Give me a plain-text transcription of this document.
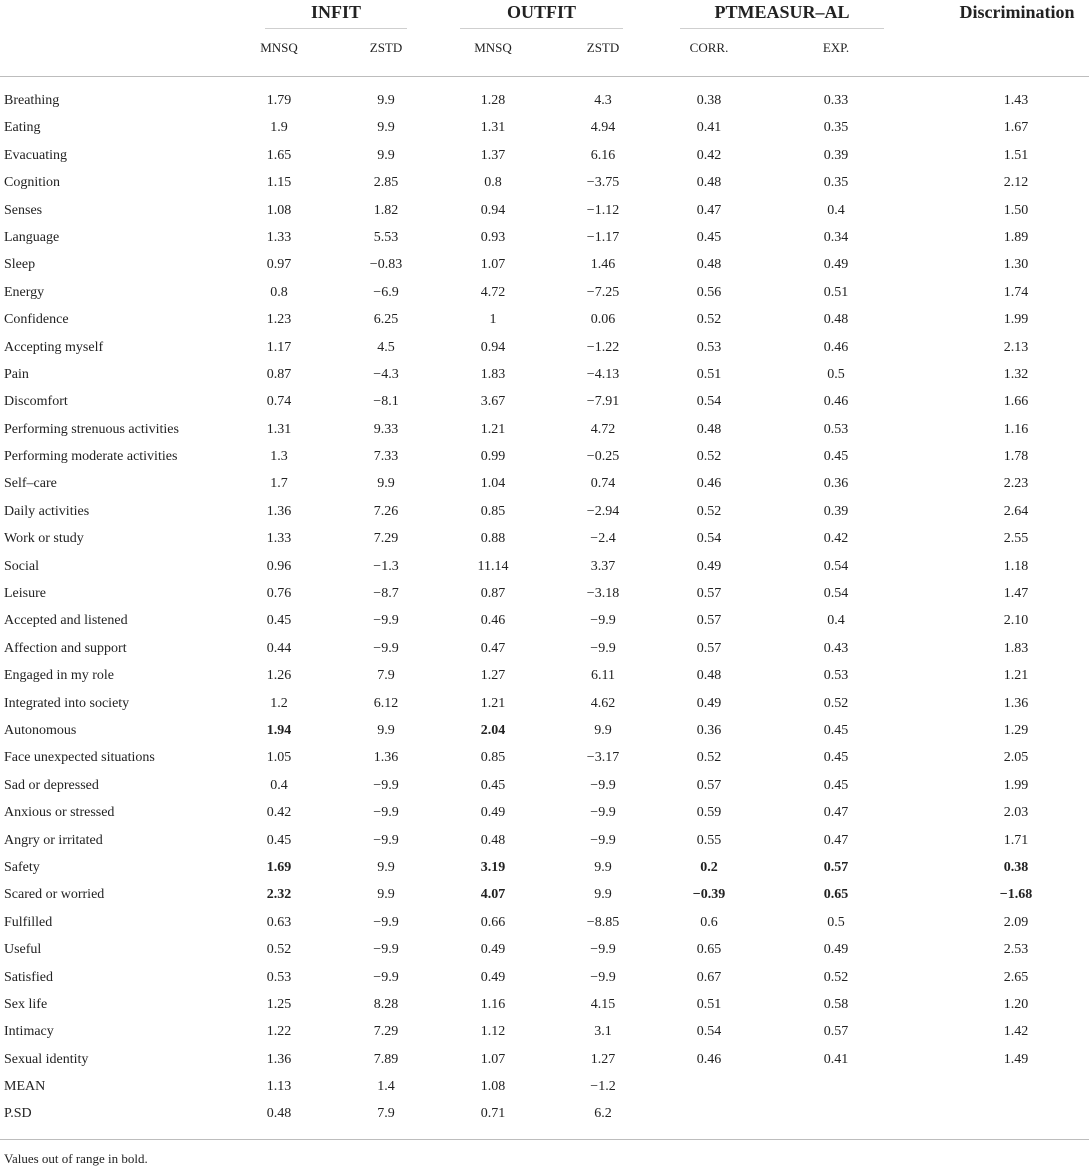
INFIT	OUTFIT	PTMEASUR–AL	Discrimination
MNSQ	ZSTD	MNSQ	ZSTD	CORR.	EXP.
Breathing	1.79	9.9	1.28	4.3	0.38	0.33	1.43
Eating	1.9	9.9	1.31	4.94	0.41	0.35	1.67
Evacuating	1.65	9.9	1.37	6.16	0.42	0.39	1.51
Cognition	1.15	2.85	0.8	−3.75	0.48	0.35	2.12
Senses	1.08	1.82	0.94	−1.12	0.47	0.4	1.50
Language	1.33	5.53	0.93	−1.17	0.45	0.34	1.89
Sleep	0.97	−0.83	1.07	1.46	0.48	0.49	1.30
Energy	0.8	−6.9	4.72	−7.25	0.56	0.51	1.74
Confidence	1.23	6.25	1	0.06	0.52	0.48	1.99
Accepting myself	1.17	4.5	0.94	−1.22	0.53	0.46	2.13
Pain	0.87	−4.3	1.83	−4.13	0.51	0.5	1.32
Discomfort	0.74	−8.1	3.67	−7.91	0.54	0.46	1.66
Performing strenuous activities	1.31	9.33	1.21	4.72	0.48	0.53	1.16
Performing moderate activities	1.3	7.33	0.99	−0.25	0.52	0.45	1.78
Self–care	1.7	9.9	1.04	0.74	0.46	0.36	2.23
Daily activities	1.36	7.26	0.85	−2.94	0.52	0.39	2.64
Work or study	1.33	7.29	0.88	−2.4	0.54	0.42	2.55
Social	0.96	−1.3	11.14	3.37	0.49	0.54	1.18
Leisure	0.76	−8.7	0.87	−3.18	0.57	0.54	1.47
Accepted and listened	0.45	−9.9	0.46	−9.9	0.57	0.4	2.10
Affection and support	0.44	−9.9	0.47	−9.9	0.57	0.43	1.83
Engaged in my role	1.26	7.9	1.27	6.11	0.48	0.53	1.21
Integrated into society	1.2	6.12	1.21	4.62	0.49	0.52	1.36
Autonomous	1.94	9.9	2.04	9.9	0.36	0.45	1.29
Face unexpected situations	1.05	1.36	0.85	−3.17	0.52	0.45	2.05
Sad or depressed	0.4	−9.9	0.45	−9.9	0.57	0.45	1.99
Anxious or stressed	0.42	−9.9	0.49	−9.9	0.59	0.47	2.03
Angry or irritated	0.45	−9.9	0.48	−9.9	0.55	0.47	1.71
Safety	1.69	9.9	3.19	9.9	0.2	0.57	0.38
Scared or worried	2.32	9.9	4.07	9.9	−0.39	0.65	−1.68
Fulfilled	0.63	−9.9	0.66	−8.85	0.6	0.5	2.09
Useful	0.52	−9.9	0.49	−9.9	0.65	0.49	2.53
Satisfied	0.53	−9.9	0.49	−9.9	0.67	0.52	2.65
Sex life	1.25	8.28	1.16	4.15	0.51	0.58	1.20
Intimacy	1.22	7.29	1.12	3.1	0.54	0.57	1.42
Sexual identity	1.36	7.89	1.07	1.27	0.46	0.41	1.49
MEAN	1.13	1.4	1.08	−1.2
P.SD	0.48	7.9	0.71	6.2
Values out of range in bold.
